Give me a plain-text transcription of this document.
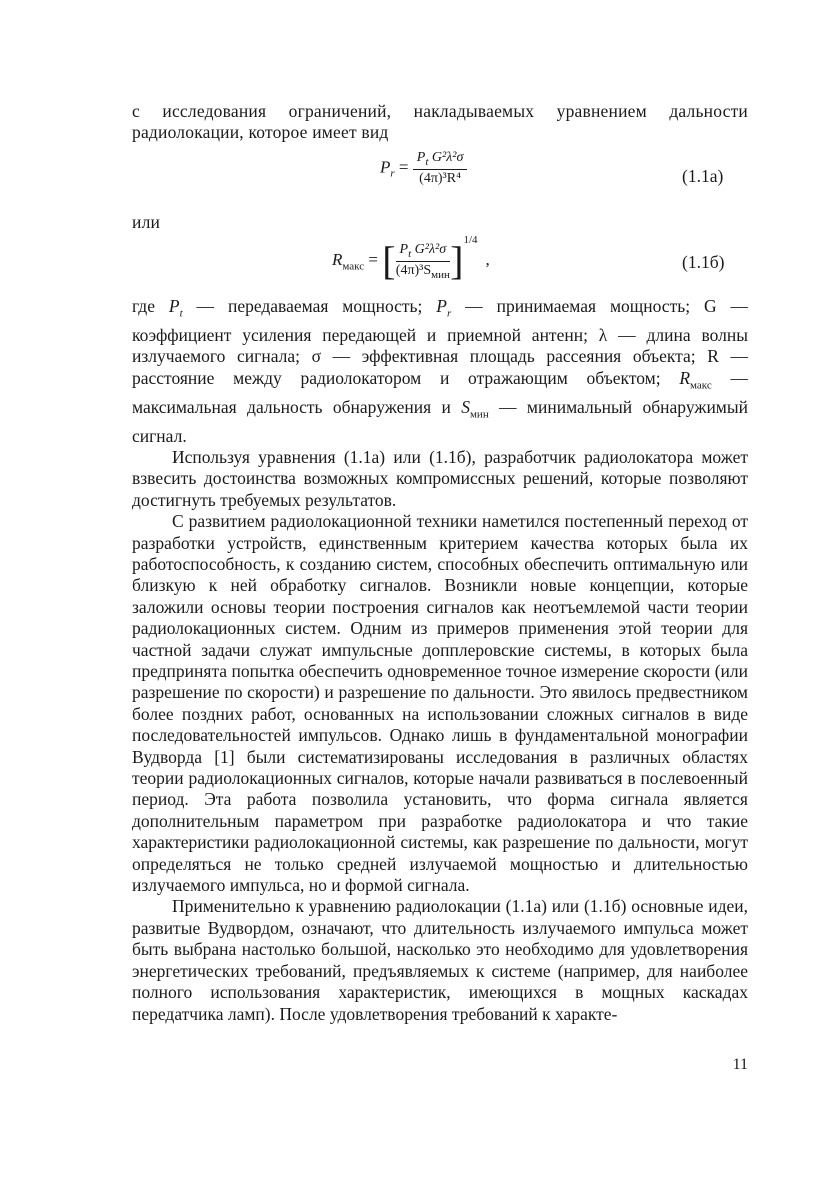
с исследования ограничений, накладываемых уравнением дальности
радиолокации, которое имеет вид
$P_r = \frac{P_t G^2\lambda^2\sigma}{\text{(4π)³R⁴}}$	(1.1а)
или
$R_{макс}$ = [ $\frac{P_t G^2\lambda^2\sigma}{(4\pi)^3S_{мин}} ]^{1/4}$,	(1.1б)

где $P_t$ — передаваемая мощность; $P_r$ — принимаемая мощность; G — коэффициент усиления передающей и приемной антенн; λ — длина волны излучаемого сигнала; σ — эффективная площадь рассеяния объекта; R — расстояние между радиолокатором и отражающим объектом; $R_{макс}$ — максимальная дальность обнаружения и $S_{мин}$ — минимальный обнаружимый сигнал.

Используя уравнения (1.1а) или (1.1б), разработчик радиолокатора может взвесить достоинства возможных компромиссных решений, которые позволяют достигнуть требуемых результатов.

С развитием радиолокационной техники наметился постепенный переход от разработки устройств, единственным критерием качества которых была их работоспособность, к созданию систем, способных обеспечить оптимальную или близкую к ней обработку сигналов. Возникли новые концепции, которые заложили основы теории построения сигналов как неотъемлемой части теории радиолокационных систем. Одним из примеров применения этой теории для частной задачи служат импульсные допплеровские системы, в которых была предпринята попытка обеспечить одновременное точное измерение скорости (или разрешение по скорости) и разрешение по дальности. Это явилось предвестником более поздних работ, основанных на использовании сложных сигналов в виде последовательностей импульсов. Однако лишь в фундаментальной монографии Вудворда [1] были систематизированы исследования в различных областях теории радиолокационных сигналов, которые начали развиваться в послевоенный период. Эта работа позволила установить, что форма сигнала является дополнительным параметром при разработке радиолокатора и что такие характеристики радиолокационной системы, как разрешение по дальности, могут определяться не только средней излучаемой мощностью и длительностью излучаемого импульса, но и формой сигнала.

Применительно к уравнению радиолокации (1.1а) или (1.1б) основные идеи, развитые Вудвордом, означают, что длительность излучаемого импульса может быть выбрана настолько большой, насколько это необходимо для удовлетворения энергетических требований, предъявляемых к системе (например, для наиболее полного использования характеристик, имеющихся в мощных каскадах передатчика ламп). После удовлетворения требований к характе-

11
